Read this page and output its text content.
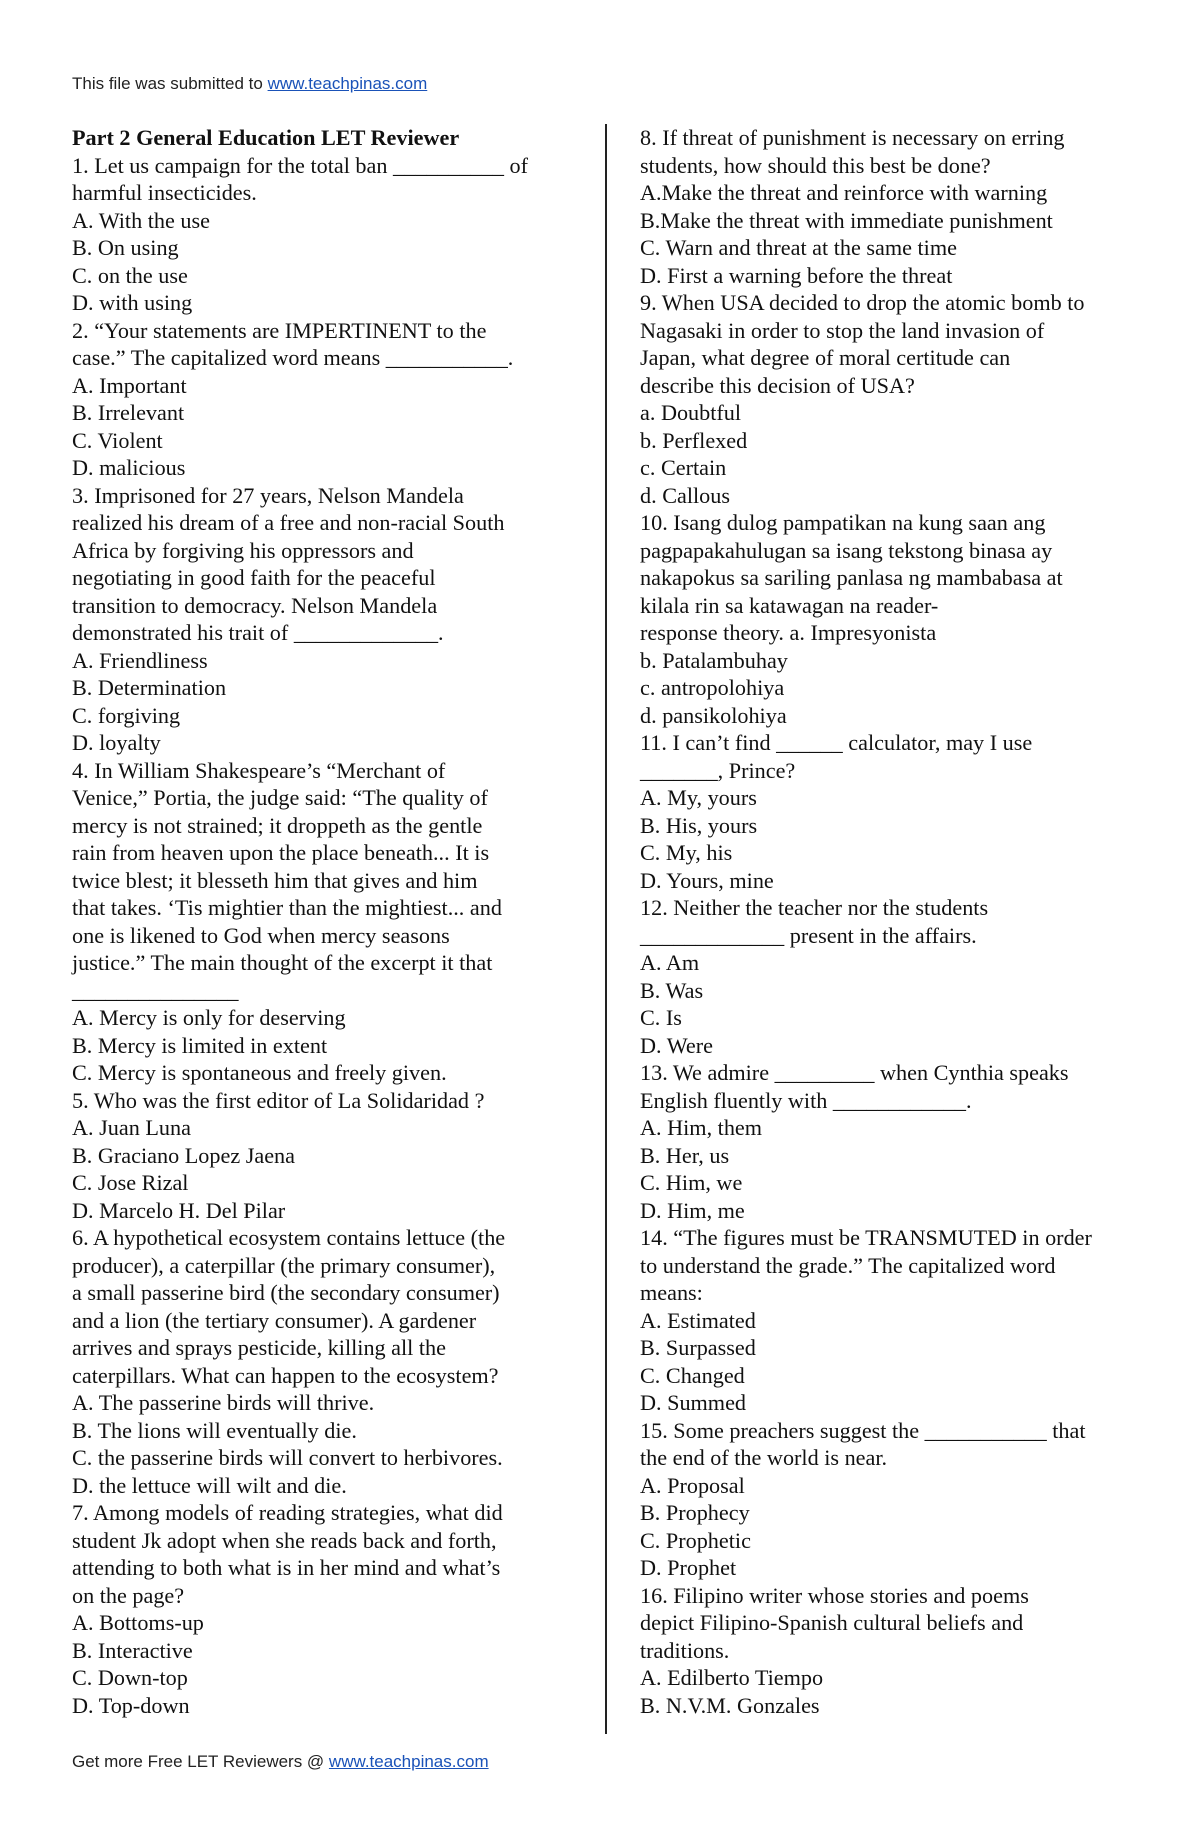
This file was submitted to www.teachpinas.com
Part 2 General Education LET Reviewer
1. Let us campaign for the total ban __________ of
harmful insecticides.
A. With the use
B. On using
C. on the use
D. with using
2. “Your statements are IMPERTINENT to the
case.” The capitalized word means ___________.
A. Important
B. Irrelevant
C. Violent
D. malicious
3. Imprisoned for 27 years, Nelson Mandela
realized his dream of a free and non-racial South
Africa by forgiving his oppressors and
negotiating in good faith for the peaceful
transition to democracy. Nelson Mandela
demonstrated his trait of _____________.
A. Friendliness
B. Determination
C. forgiving
D. loyalty
4. In William Shakespeare’s “Merchant of
Venice,” Portia, the judge said: “The quality of
mercy is not strained; it droppeth as the gentle
rain from heaven upon the place beneath... It is
twice blest; it blesseth him that gives and him
that takes. ‘Tis mightier than the mightiest... and
one is likened to God when mercy seasons
justice.” The main thought of the excerpt it that
_______________
A. Mercy is only for deserving
B. Mercy is limited in extent
C. Mercy is spontaneous and freely given.
5. Who was the first editor of La Solidaridad ?
A. Juan Luna
B. Graciano Lopez Jaena
C. Jose Rizal
D. Marcelo H. Del Pilar
6. A hypothetical ecosystem contains lettuce (the
producer), a caterpillar (the primary consumer),
a small passerine bird (the secondary consumer)
and a lion (the tertiary consumer). A gardener
arrives and sprays pesticide, killing all the
caterpillars. What can happen to the ecosystem?
A. The passerine birds will thrive.
B. The lions will eventually die.
C. the passerine birds will convert to herbivores.
D. the lettuce will wilt and die.
7. Among models of reading strategies, what did
student Jk adopt when she reads back and forth,
attending to both what is in her mind and what’s
on the page?
A. Bottoms-up
B. Interactive
C. Down-top
D. Top-down
8. If threat of punishment is necessary on erring
students, how should this best be done?
A.Make the threat and reinforce with warning
B.Make the threat with immediate punishment
C. Warn and threat at the same time
D. First a warning before the threat
9. When USA decided to drop the atomic bomb to
Nagasaki in order to stop the land invasion of
Japan, what degree of moral certitude can
describe this decision of USA?
a. Doubtful
b. Perflexed
c. Certain
d. Callous
10. Isang dulog pampatikan na kung saan ang
pagpapakahulugan sa isang tekstong binasa ay
nakapokus sa sariling panlasa ng mambabasa at
kilala rin sa katawagan na reader-
response theory. a. Impresyonista
b. Patalambuhay
c. antropolohiya
d. pansikolohiya
11. I can’t find ______ calculator, may I use
_______, Prince?
A. My, yours
B. His, yours
C. My, his
D. Yours, mine
12. Neither the teacher nor the students
_____________ present in the affairs.
A. Am
B. Was
C. Is
D. Were
13. We admire _________ when Cynthia speaks
English fluently with ____________.
A. Him, them
B. Her, us
C. Him, we
D. Him, me
14. “The figures must be TRANSMUTED in order
to understand the grade.” The capitalized word
means:
A. Estimated
B. Surpassed
C. Changed
D. Summed
15. Some preachers suggest the ___________ that
the end of the world is near.
A. Proposal
B. Prophecy
C. Prophetic
D. Prophet
16. Filipino writer whose stories and poems
depict Filipino-Spanish cultural beliefs and
traditions.
A. Edilberto Tiempo
B. N.V.M. Gonzales
Get more Free LET Reviewers @ www.teachpinas.com
